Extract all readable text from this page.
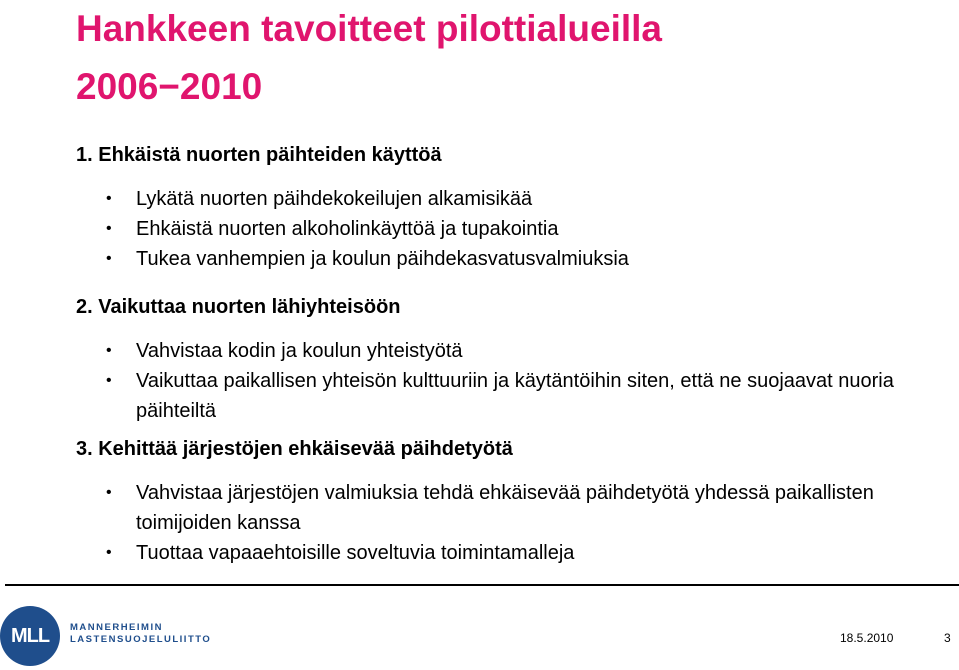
Hankkeen tavoitteet pilottialueilla
2006−2010

1. Ehkäistä nuorten päihteiden käyttöä

•	Lykätä nuorten päihdekokeilujen alkamisikää
•	Ehkäistä nuorten alkoholinkäyttöä ja tupakointia
•	Tukea vanhempien ja koulun päihdekasvatusvalmiuksia

2. Vaikuttaa nuorten lähiyhteisöön

•	Vahvistaa kodin ja koulun yhteistyötä
•	Vaikuttaa paikallisen yhteisön kulttuuriin ja käytäntöihin siten, että ne suojaavat nuoria päihteiltä

3. Kehittää järjestöjen ehkäisevää päihdetyötä

•	Vahvistaa järjestöjen valmiuksia tehdä ehkäisevää päihdetyötä yhdessä paikallisten toimijoiden kanssa
•	Tuottaa vapaaehtoisille soveltuvia toimintamalleja
MLL	MANNERHEIMIN
LASTENSUOJELULIITTO	18.5.2010	3
